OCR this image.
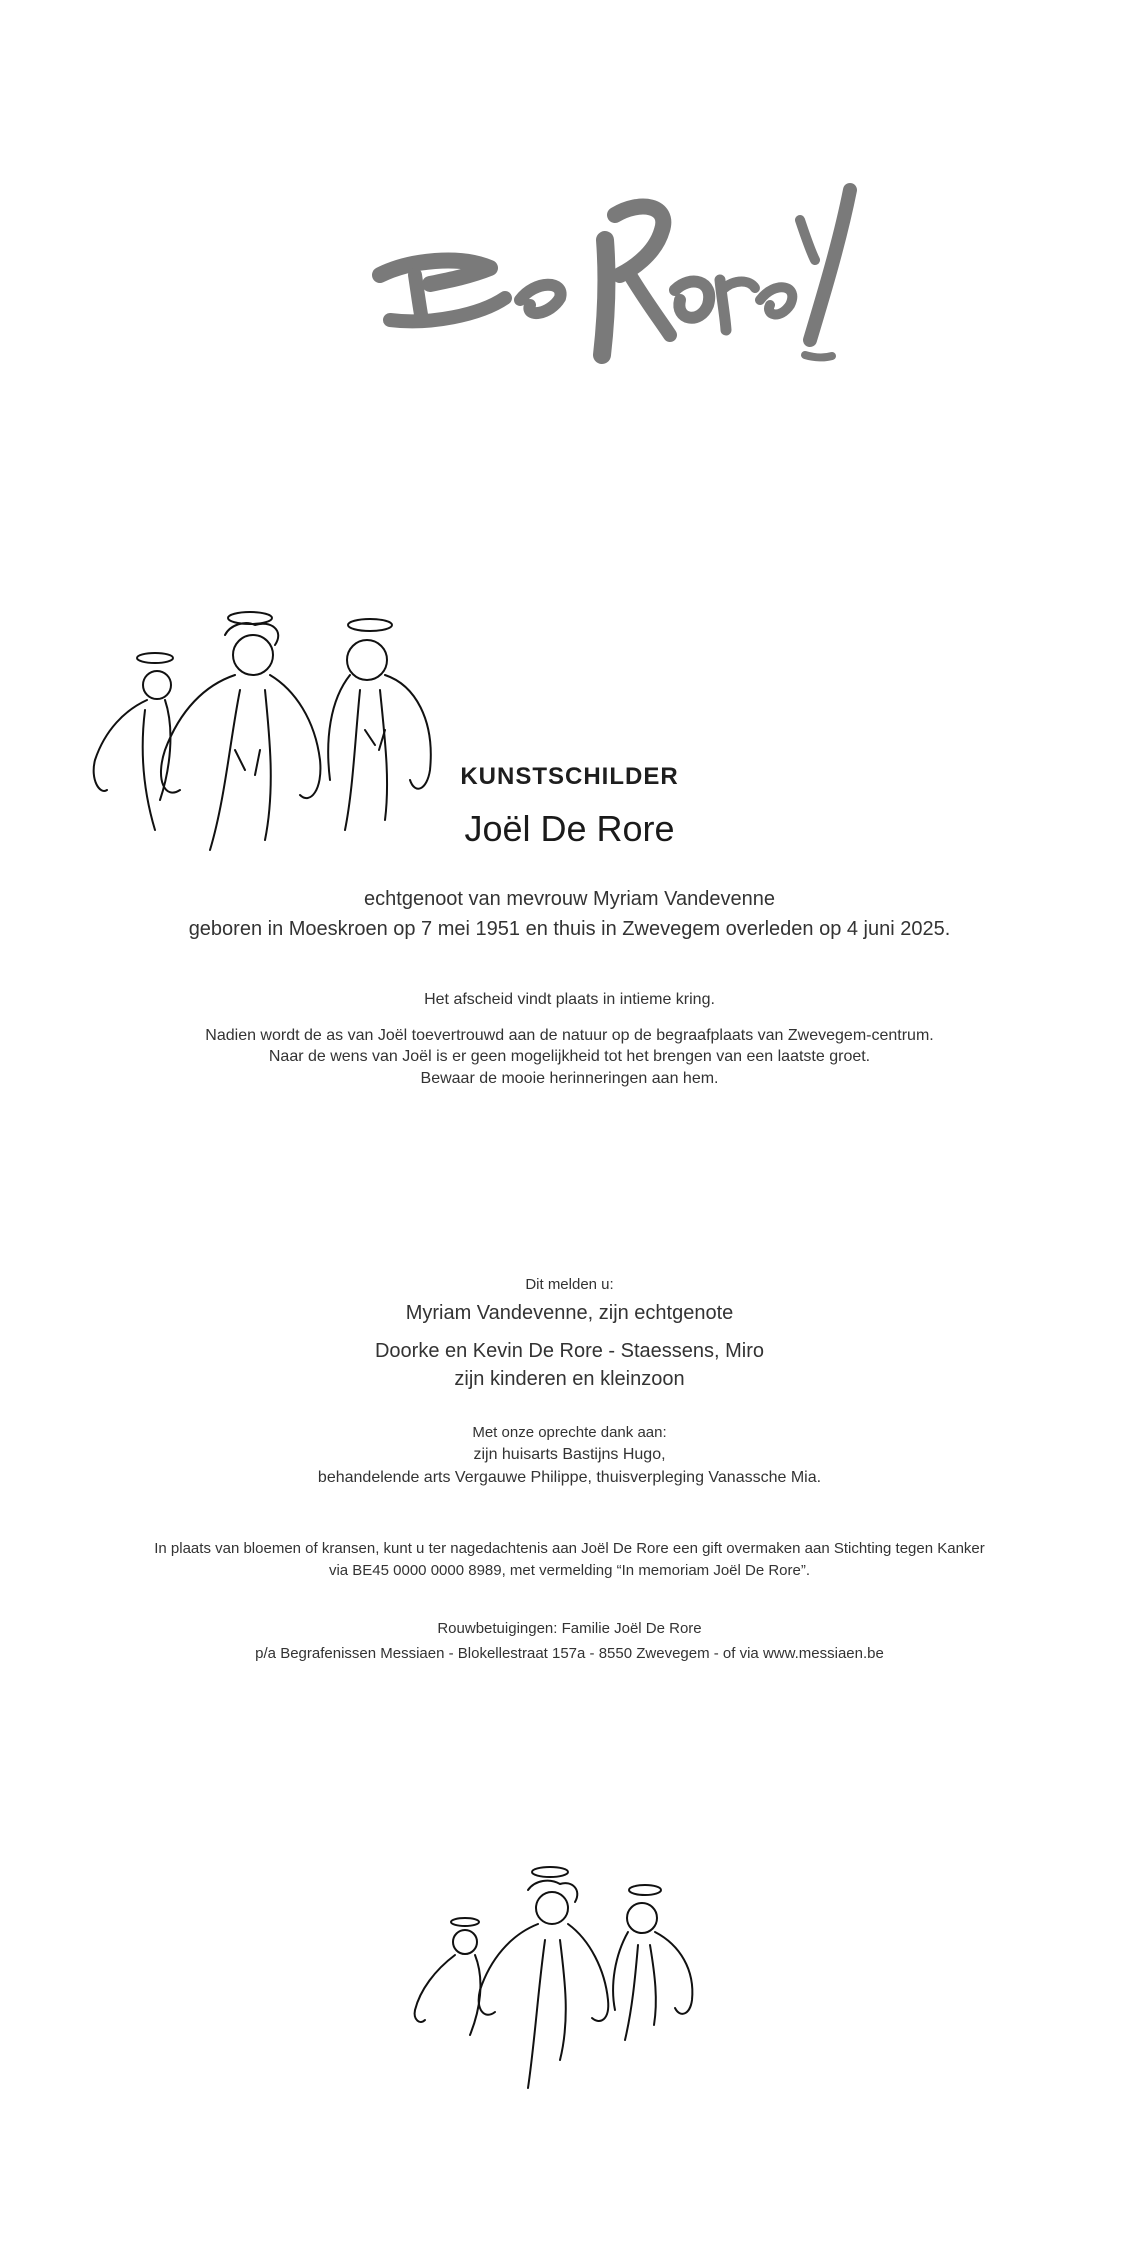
KUNSTSCHILDER

Joël De Rore

echtgenoot van mevrouw Myriam Vandevenne

geboren in Moeskroen op 7 mei 1951 en thuis in Zwevegem overleden op 4 juni 2025.

Het afscheid vindt plaats in intieme kring.

Nadien wordt de as van Joël toevertrouwd aan de natuur op de begraafplaats van Zwevegem-centrum.

Naar de wens van Joël is er geen mogelijkheid tot het brengen van een laatste groet.

Bewaar de mooie herinneringen aan hem.

Dit melden u:

Myriam Vandevenne, zijn echtgenote

Doorke en Kevin De Rore - Staessens, Miro

zijn kinderen en kleinzoon

Met onze oprechte dank aan:

zijn huisarts Bastijns Hugo,

behandelende arts Vergauwe Philippe, thuisverpleging Vanassche Mia.

In plaats van bloemen of kransen, kunt u ter nagedachtenis aan Joël De Rore een gift overmaken aan Stichting tegen Kanker

via BE45 0000 0000 8989, met vermelding “In memoriam Joël De Rore”.

Rouwbetuigingen: Familie Joël De Rore

p/a Begrafenissen Messiaen - Blokellestraat 157a - 8550 Zwevegem - of via www.messiaen.be
